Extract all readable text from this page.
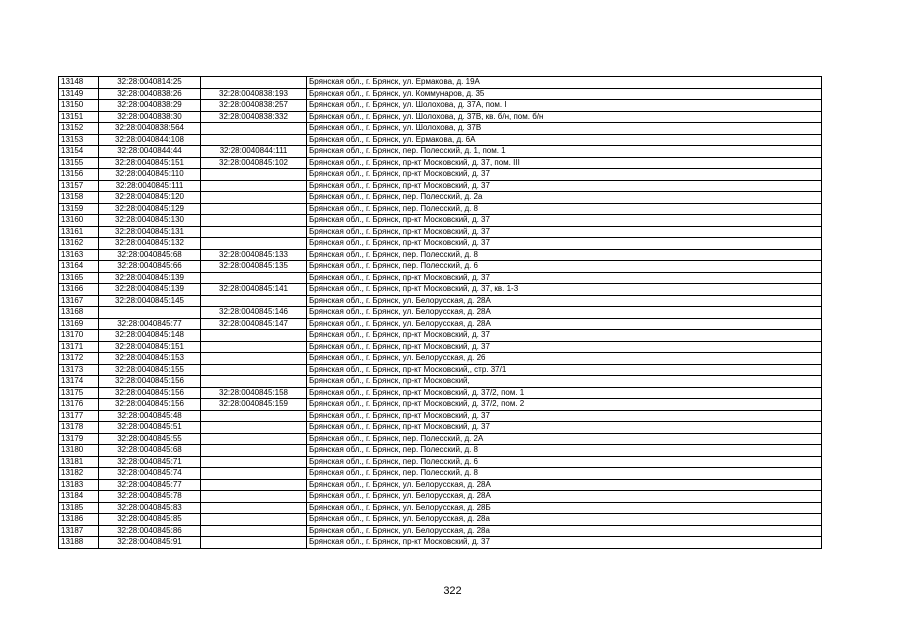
13148	32:28:0040814:25		Брянская обл., г. Брянск, ул. Ермакова, д. 19А
13149	32:28:0040838:26	32:28:0040838:193	Брянская обл., г. Брянск, ул. Коммунаров, д. 35
13150	32:28:0040838:29	32:28:0040838:257	Брянская обл., г. Брянск, ул. Шолохова, д. 37А, пом. I
13151	32:28:0040838:30	32:28:0040838:332	Брянская обл., г. Брянск, ул. Шолохова, д. 37В, кв. б/н, пом. б/н
13152	32:28:0040838:564		Брянская обл., г. Брянск, ул. Шолохова, д. 37В
13153	32:28:0040844:108		Брянская обл., г. Брянск, ул. Ермакова, д. 6А
13154	32:28:0040844:44	32:28:0040844:111	Брянская обл., г. Брянск, пер. Полесский, д. 1, пом. 1
13155	32:28:0040845:151	32:28:0040845:102	Брянская обл., г. Брянск, пр-кт Московский, д. 37, пом. III
13156	32:28:0040845:110		Брянская обл., г. Брянск, пр-кт Московский, д. 37
13157	32:28:0040845:111		Брянская обл., г. Брянск, пр-кт Московский, д. 37
13158	32:28:0040845:120		Брянская обл., г. Брянск, пер. Полесский, д. 2а
13159	32:28:0040845:129		Брянская обл., г. Брянск, пер. Полесский, д. 8
13160	32:28:0040845:130		Брянская обл., г. Брянск, пр-кт Московский, д. 37
13161	32:28:0040845:131		Брянская обл., г. Брянск, пр-кт Московский, д. 37
13162	32:28:0040845:132		Брянская обл., г. Брянск, пр-кт Московский, д. 37
13163	32:28:0040845:68	32:28:0040845:133	Брянская обл., г. Брянск, пер. Полесский, д. 8
13164	32:28:0040845:66	32:28:0040845:135	Брянская обл., г. Брянск, пер. Полесский, д. 6
13165	32:28:0040845:139		Брянская обл., г. Брянск, пр-кт Московский, д. 37
13166	32:28:0040845:139	32:28:0040845:141	Брянская обл., г. Брянск, пр-кт Московский, д. 37, кв. 1-3
13167	32:28:0040845:145		Брянская обл., г. Брянск, ул. Белорусская, д. 28А
13168		32:28:0040845:146	Брянская обл., г. Брянск, ул. Белорусская, д. 28А
13169	32:28:0040845:77	32:28:0040845:147	Брянская обл., г. Брянск, ул. Белорусская, д. 28А
13170	32:28:0040845:148		Брянская обл., г. Брянск, пр-кт Московский, д. 37
13171	32:28:0040845:151		Брянская обл., г. Брянск, пр-кт Московский, д. 37
13172	32:28:0040845:153		Брянская обл., г. Брянск, ул. Белорусская, д. 26
13173	32:28:0040845:155		Брянская обл., г. Брянск, пр-кт Московский,, стр. 37/1
13174	32:28:0040845:156		Брянская обл., г. Брянск, пр-кт Московский,
13175	32:28:0040845:156	32:28:0040845:158	Брянская обл., г. Брянск, пр-кт Московский, д. 37/2, пом. 1
13176	32:28:0040845:156	32:28:0040845:159	Брянская обл., г. Брянск, пр-кт Московский, д. 37/2, пом. 2
13177	32:28:0040845:48		Брянская обл., г. Брянск, пр-кт Московский, д. 37
13178	32:28:0040845:51		Брянская обл., г. Брянск, пр-кт Московский, д. 37
13179	32:28:0040845:55		Брянская обл., г. Брянск, пер. Полесский, д. 2А
13180	32:28:0040845:68		Брянская обл., г. Брянск, пер. Полесский, д. 8
13181	32:28:0040845:71		Брянская обл., г. Брянск, пер. Полесский, д. 6
13182	32:28:0040845:74		Брянская обл., г. Брянск, пер. Полесский, д. 8
13183	32:28:0040845:77		Брянская обл., г. Брянск, ул. Белорусская, д. 28А
13184	32:28:0040845:78		Брянская обл., г. Брянск, ул. Белорусская, д. 28А
13185	32:28:0040845:83		Брянская обл., г. Брянск, ул. Белорусская, д. 28Б
13186	32:28:0040845:85		Брянская обл., г. Брянск, ул. Белорусская, д. 28а
13187	32:28:0040845:86		Брянская обл., г. Брянск, ул. Белорусская, д. 28а
13188	32:28:0040845:91		Брянская обл., г. Брянск, пр-кт Московский, д. 37
322
